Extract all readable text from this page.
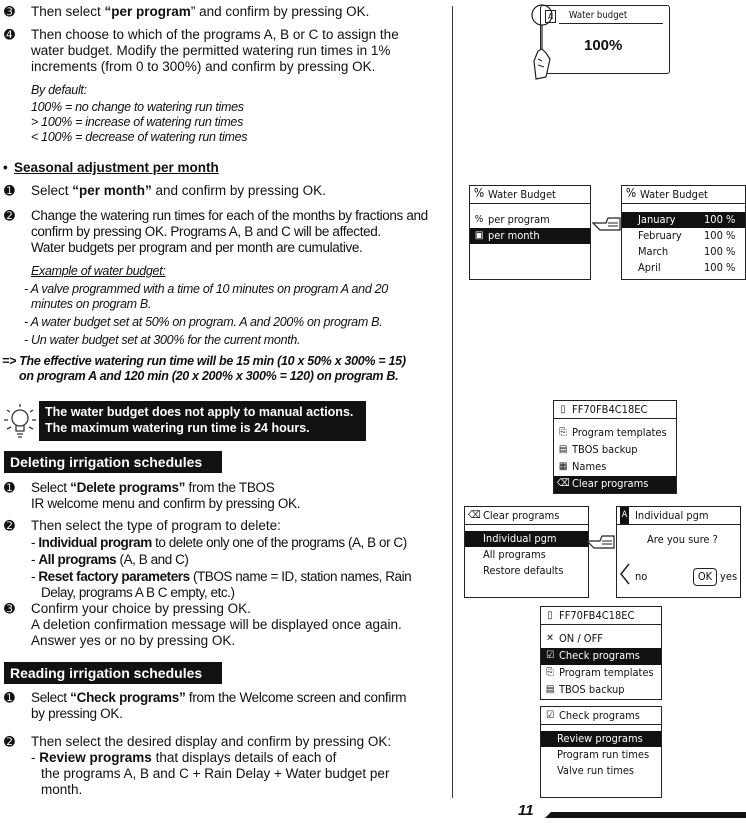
➌ Then select “per program” and confirm by pressing OK.
➍ Then choose to which of the programs A, B or C to assign the
water budget. Modify the permitted watering run times in 1%
increments (from 0 to 300%) and confirm by pressing OK.
By default:
100% = no change to watering run times
> 100% = increase of watering run times
< 100% = decrease of watering run times
• Seasonal adjustment per month
➊ Select “per month” and confirm by pressing OK.
➋ Change the watering run times for each of the months by fractions and
confirm by pressing OK. Programs A, B and C will be affected.
Water budgets per program and per month are cumulative.
Example of water budget:
- A valve programmed with a time of 10 minutes on program A and 20
minutes on program B.
- A water budget set at 50% on program. A and 200% on program B.
- Un water budget set at 300% for the current month.
=> The effective watering run time will be 15 min (10 x 50% x 300% = 15)
on program A and 120 min (20 x 200% x 300% = 120) on program B.
The water budget does not apply to manual actions.
The maximum watering run time is 24 hours.
Deleting irrigation schedules
➊ Select “Delete programs” from the TBOS
IR welcome menu and confirm by pressing OK.
➋ Then select the type of program to delete:
- Individual program to delete only one of the programs (A, B or C)
- All programs (A, B and C)
- Reset factory parameters (TBOS name = ID, station names, Rain
Delay, programs A B C empty, etc.)
➌ Confirm your choice by pressing OK.
A deletion confirmation message will be displayed once again.
Answer yes or no by pressing OK.
Reading irrigation schedules
➊ Select “Check programs” from the Welcome screen and confirm
by pressing OK.
➋ Then select the desired display and confirm by pressing OK:
- Review programs that displays details of each of
the programs A, B and C + Rain Delay + Water budget per
month.
A	Water budget
100%
% Water Budget
% per program
▣ per month
% Water Budget
January	100 %
February 100 %
March	100 %
April	100 %
▯ FF70FB4C18EC
⎘ Program templates
▤ TBOS backup
▦ Names
⌫ Clear programs
⌫ Clear programs
Individual pgm
All programs
Restore defaults
A Individual pgm
Are you sure ?
no	OK yes
▯ FF70FB4C18EC
✕ ON / OFF
☑ Check programs
⎘ Program templates
▤ TBOS backup
☑ Check programs
Review programs
Program run times
Valve run times
11
